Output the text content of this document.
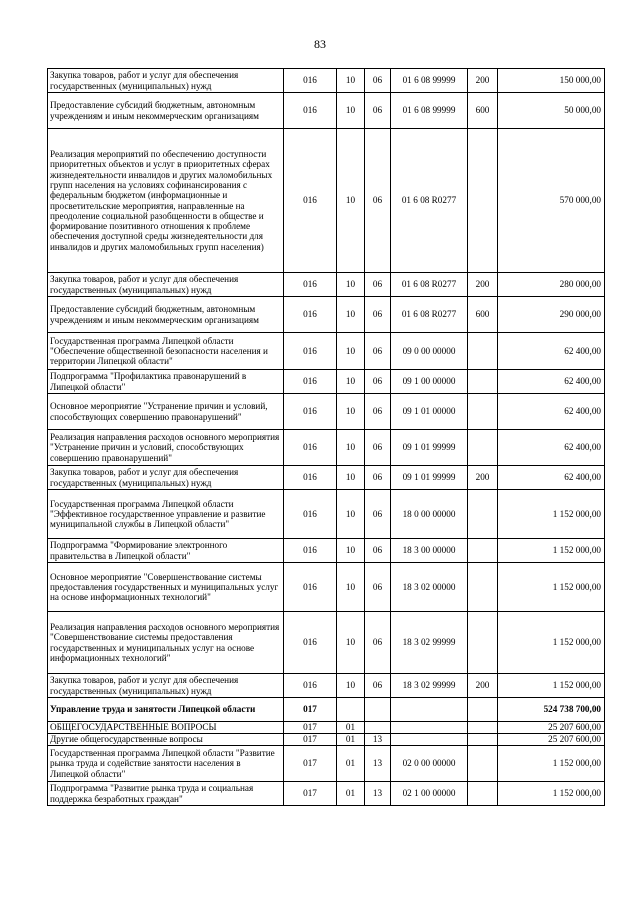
83
Закупка товаров, работ и услуг для обеспечения государственных (муниципальных) нужд	016	10	06	01 6 08 99999	200	150 000,00
Предоставление субсидий бюджетным, автономным учреждениям и иным некоммерческим организациям	016	10	06	01 6 08 99999	600	50 000,00
Реализация мероприятий по обеспечению доступности приоритетных объектов и услуг в приоритетных сферах жизнедеятельности инвалидов и других маломобильных групп населения на условиях софинансирования с федеральным бюджетом (информационные и просветительские мероприятия, направленные на преодоление социальной разобщенности в обществе и формирование позитивного отношения к проблеме обеспечения доступной среды жизнедеятельности для инвалидов и других маломобильных групп населения)	016	10	06	01 6 08 R0277		570 000,00
Закупка товаров, работ и услуг для обеспечения государственных (муниципальных) нужд	016	10	06	01 6 08 R0277	200	280 000,00
Предоставление субсидий бюджетным, автономным учреждениям и иным некоммерческим организациям	016	10	06	01 6 08 R0277	600	290 000,00
Государственная программа Липецкой области "Обеспечение общественной безопасности населения и территории Липецкой области"	016	10	06	09 0 00 00000		62 400,00
Подпрограмма "Профилактика правонарушений в Липецкой области"	016	10	06	09 1 00 00000		62 400,00
Основное мероприятие "Устранение причин и условий, способствующих совершению правонарушений"	016	10	06	09 1 01 00000		62 400,00
Реализация направления расходов основного мероприятия "Устранение причин и условий, способствующих совершению правонарушений"	016	10	06	09 1 01 99999		62 400,00
Закупка товаров, работ и услуг для обеспечения государственных (муниципальных) нужд	016	10	06	09 1 01 99999	200	62 400,00
Государственная программа Липецкой области "Эффективное государственное управление и развитие муниципальной службы в Липецкой области"	016	10	06	18 0 00 00000		1 152 000,00
Подпрограмма "Формирование электронного правительства в Липецкой области"	016	10	06	18 3 00 00000		1 152 000,00
Основное мероприятие "Совершенствование системы предоставления государственных и муниципальных услуг на основе информационных технологий"	016	10	06	18 3 02 00000		1 152 000,00
Реализация направления расходов основного мероприятия "Совершенствование системы предоставления государственных и муниципальных услуг на основе информационных технологий"	016	10	06	18 3 02 99999		1 152 000,00
Закупка товаров, работ и услуг для обеспечения государственных (муниципальных) нужд	016	10	06	18 3 02 99999	200	1 152 000,00
Управление труда и занятости Липецкой области	017					524 738 700,00
ОБЩЕГОСУДАРСТВЕННЫЕ ВОПРОСЫ	017	01				25 207 600,00
Другие общегосударственные вопросы	017	01	13			25 207 600,00
Государственная программа Липецкой области "Развитие рынка труда и содействие занятости населения в Липецкой области"	017	01	13	02 0 00 00000		1 152 000,00
Подпрограмма "Развитие рынка труда и социальная поддержка безработных граждан"	017	01	13	02 1 00 00000		1 152 000,00
